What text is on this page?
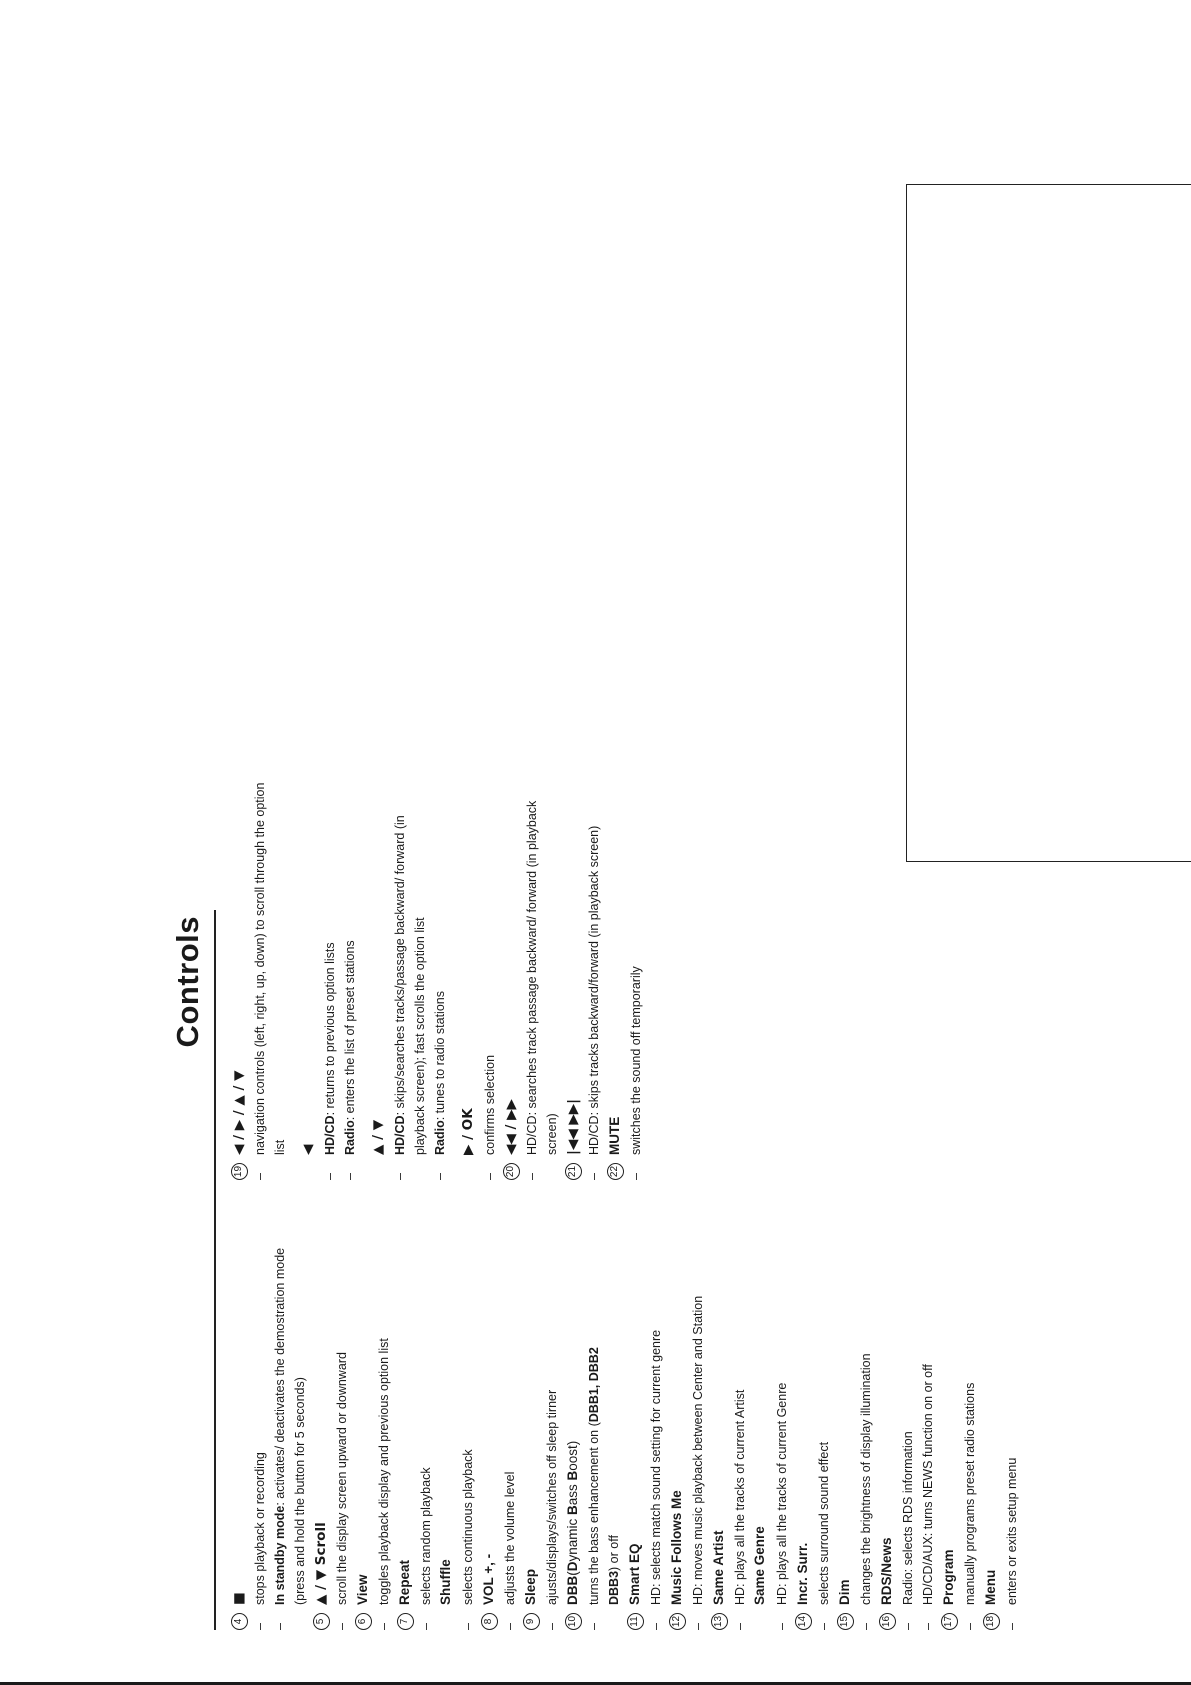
Controls
4
■
–
stops playback or recording
–
In standby mode: activates/ deactivates the demostration mode (press and hold the button for 5 seconds)
5
▲ / ▼ Scroll
–
scroll the display screen upward or downward
6
View
–
toggles playback display and previous option list
7
Repeat
–
selects random playback Shuffle
–
selects continuous playback
8
VOL +, -
–
adjusts the volume level
9
Sleep
–
ajusts/displays/switches off sleep tirner
10
DBB(Dynamic Bass Boost)
–
turns the bass enhancement on (DBB1, DBB2
DBB3) or off
11
Smart EQ
–
HD: selects match sound setting for current genre
12
Music Follows Me
–
HD: moves music playback between Center and Station
13
Same Artist
–
HD: plays all the tracks of current Artist Same Genre
–
HD: plays all the tracks of current Genre
14
Incr. Surr.
–
selects surround sound effect
15
Dim
–
changes the brightness of display illumination
16
RDS/News
–
Radio: selects RDS information
–
HD/CD/AUX: turns NEWS function on or off
17
Program
–
manually programs preset radio stations
18
Menu
–
enters or exits setup menu
19
◀ / ▶ / ▲ / ▼
–
navigation controls (left, right, up, down) to scroll through the option list ◀
–
HD/CD: returns to previous option lists
–
Radio: enters the list of preset stations
▲ / ▼
–
HD/CD: skips/searches tracks/passage backward/ forward (in playback screen); fast scrolls the option list
–
Radio: tunes to radio stations
▶ / OK
–
confirms selection
20
◀◀ / ▶▶
–
HD/CD: searches track passage backward/ forward (in playback screen)
21
|◀◀ ▶▶|
–
HD/CD: skips tracks backward/forward (in playback screen)
22
MUTE
–
switches the sound off temporarily
